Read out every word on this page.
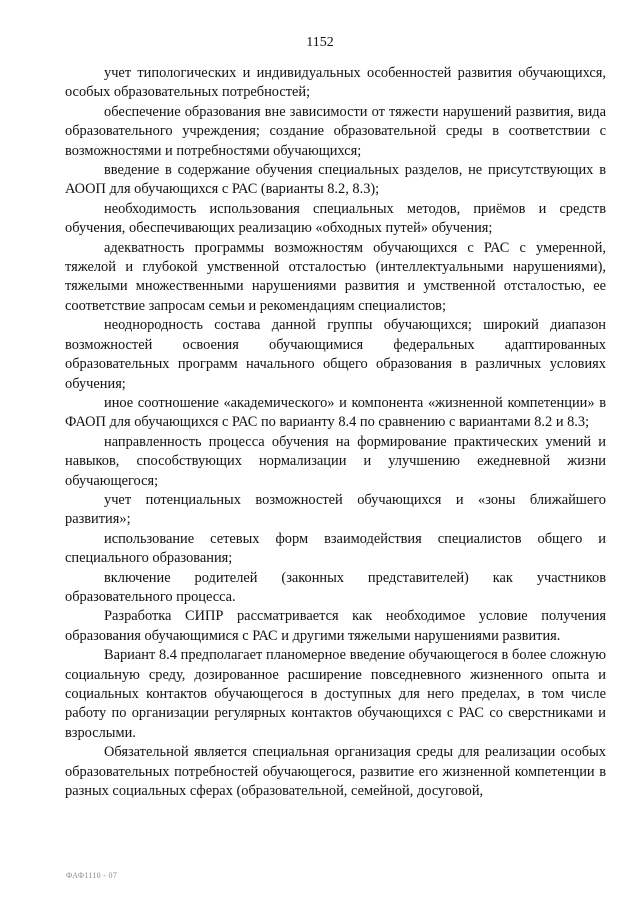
1152

учет типологических и индивидуальных особенностей развития обучающихся, особых образовательных потребностей;

обеспечение образования вне зависимости от тяжести нарушений развития, вида образовательного учреждения; создание образовательной среды в соответствии с возможностями и потребностями обучающихся;

введение в содержание обучения специальных разделов, не присутствующих в АООП для обучающихся с РАС (варианты 8.2, 8.3);

необходимость использования специальных методов, приёмов и средств обучения, обеспечивающих реализацию «обходных путей» обучения;

адекватность программы возможностям обучающихся с РАС с умеренной, тяжелой и глубокой умственной отсталостью (интеллектуальными нарушениями), тяжелыми множественными нарушениями развития и умственной отсталостью, ее соответствие запросам семьи и рекомендациям специалистов;

неоднородность состава данной группы обучающихся; широкий диапазон возможностей освоения обучающимися федеральных адаптированных образовательных программ начального общего образования в различных условиях обучения;

иное соотношение «академического» и компонента «жизненной компетенции» в ФАОП для обучающихся с РАС по варианту 8.4 по сравнению с вариантами 8.2 и 8.3;

направленность процесса обучения на формирование практических умений и навыков, способствующих нормализации и улучшению ежедневной жизни обучающегося;

учет потенциальных возможностей обучающихся и «зоны ближайшего развития»;

использование сетевых форм взаимодействия специалистов общего и специального образования;

включение родителей (законных представителей) как участников образовательного процесса.

Разработка СИПР рассматривается как необходимое условие получения образования обучающимися с РАС и другими тяжелыми нарушениями развития.

Вариант 8.4 предполагает планомерное введение обучающегося в более сложную социальную среду, дозированное расширение повседневного жизненного опыта и социальных контактов обучающегося в доступных для него пределах, в том числе работу по организации регулярных контактов обучающихся с РАС со сверстниками и взрослыми.

Обязательной является специальная организация среды для реализации особых образовательных потребностей обучающегося, развитие его жизненной компетенции в разных социальных сферах (образовательной, семейной, досуговой,

ФАФ1110 - 07
